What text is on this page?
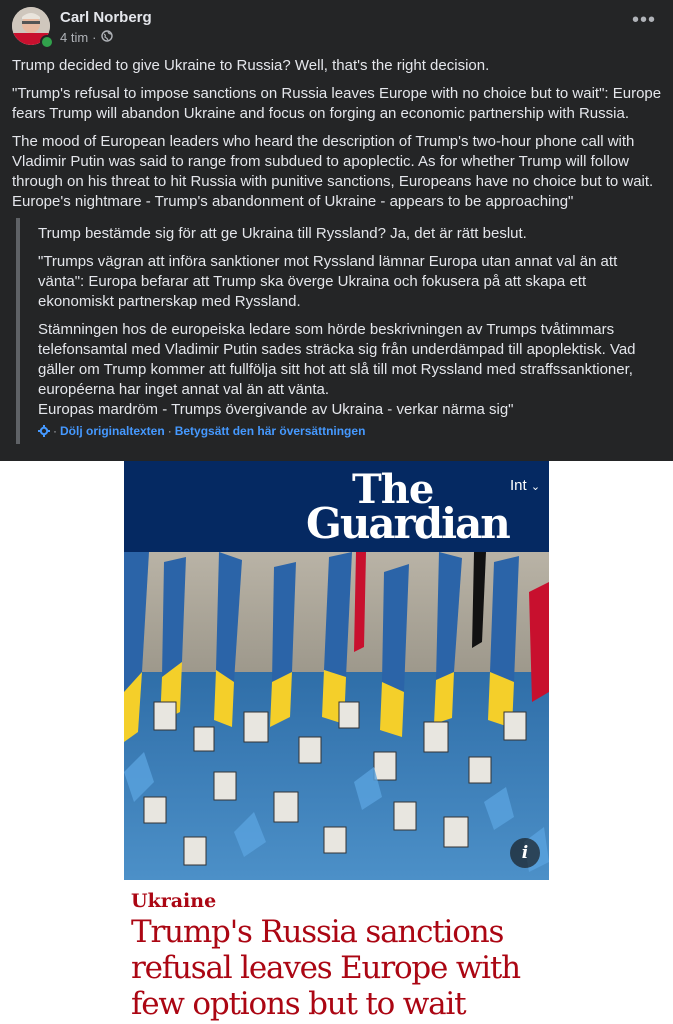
Carl Norberg
4 tim ·
•••

Trump decided to give Ukraine to Russia? Well, that's the right decision.

"Trump's refusal to impose sanctions on Russia leaves Europe with no choice but to wait": Europe fears Trump will abandon Ukraine and focus on forging an economic partnership with Russia.

The mood of European leaders who heard the description of Trump's two-hour phone call with Vladimir Putin was said to range from subdued to apoplectic. As for whether Trump will follow through on his threat to hit Russia with punitive sanctions, Europeans have no choice but to wait.

Europe's nightmare - Trump's abandonment of Ukraine - appears to be approaching"

Trump bestämde sig för att ge Ukraina till Ryssland? Ja, det är rätt beslut.

"Trumps vägran att införa sanktioner mot Ryssland lämnar Europa utan annat val än att vänta": Europa befarar att Trump ska överge Ukraina och fokusera på att skapa ett ekonomiskt partnerskap med Ryssland.

Stämningen hos de europeiska ledare som hörde beskrivningen av Trumps tvåtimmars telefonsamtal med Vladimir Putin sades sträcka sig från underdämpad till apoplektisk. Vad gäller om Trump kommer att fullfölja sitt hot att slå till mot Ryssland med straffssanktioner, européerna har inget annat val än att vänta.

Europas mardröm - Trumps övergivande av Ukraina - verkar närma sig"

· Dölj originaltexten · Betygsätt den här översättningen
The
Guardian
Int ⌄
i
Ukraine
Trump's Russia sanctions refusal leaves Europe with few options but to wait
